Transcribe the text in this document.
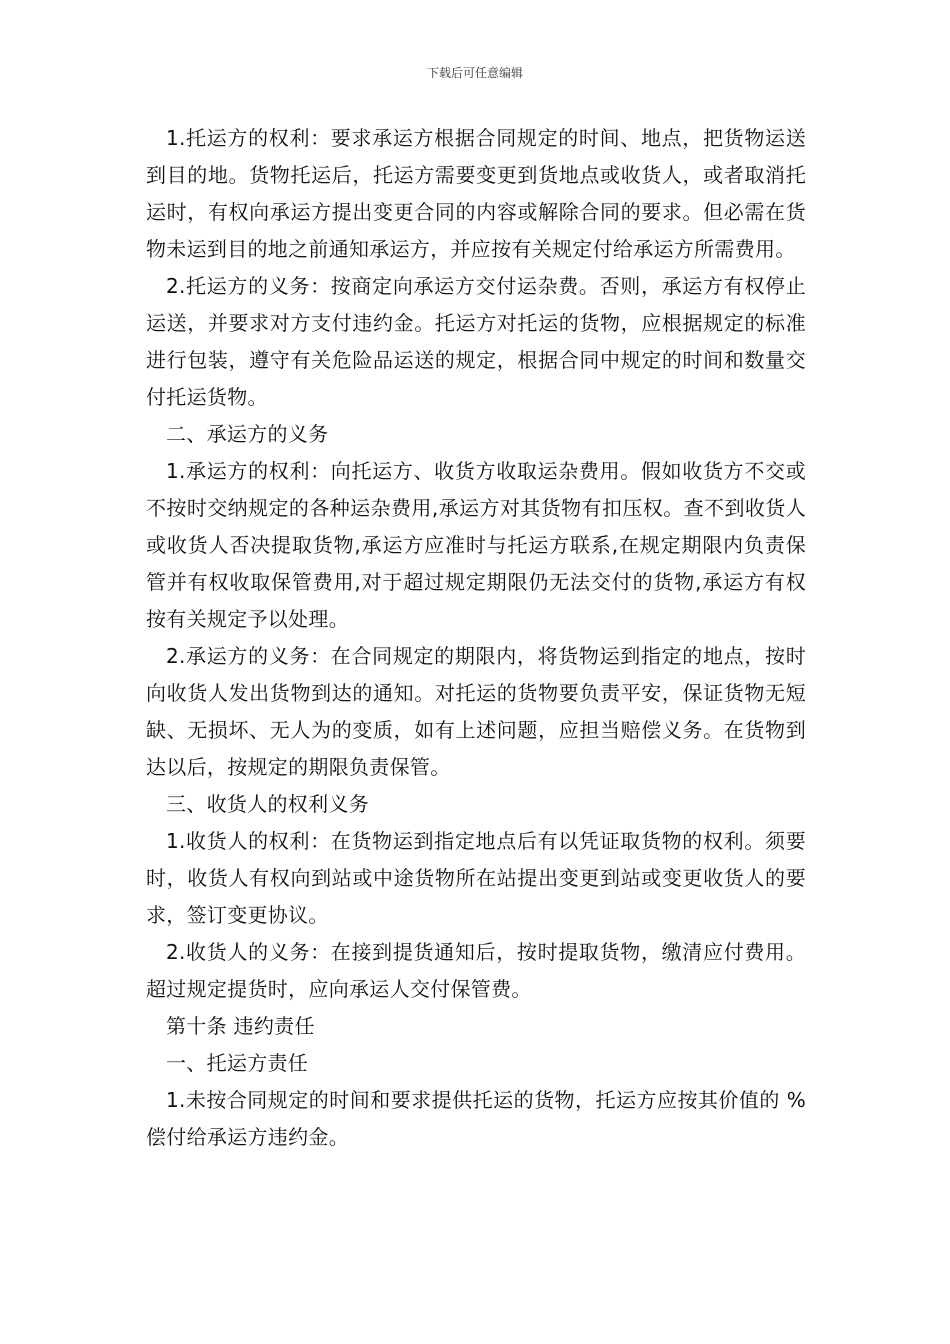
下载后可任意编辑

1.托运方的权利：要求承运方根据合同规定的时间、地点，把货物运送到目的地。货物托运后，托运方需要变更到货地点或收货人，或者取消托运时，有权向承运方提出变更合同的内容或解除合同的要求。但必需在货物未运到目的地之前通知承运方，并应按有关规定付给承运方所需费用。

2.托运方的义务：按商定向承运方交付运杂费。否则，承运方有权停止运送，并要求对方支付违约金。托运方对托运的货物，应根据规定的标准进行包装，遵守有关危险品运送的规定，根据合同中规定的时间和数量交付托运货物。

二、承运方的义务

1.承运方的权利：向托运方、收货方收取运杂费用。假如收货方不交或不按时交纳规定的各种运杂费用,承运方对其货物有扣压权。查不到收货人或收货人否决提取货物,承运方应准时与托运方联系,在规定期限内负责保管并有权收取保管费用,对于超过规定期限仍无法交付的货物,承运方有权按有关规定予以处理。

2.承运方的义务：在合同规定的期限内，将货物运到指定的地点，按时向收货人发出货物到达的通知。对托运的货物要负责平安，保证货物无短缺、无损坏、无人为的变质，如有上述问题，应担当赔偿义务。在货物到达以后，按规定的期限负责保管。

三、收货人的权利义务

1.收货人的权利：在货物运到指定地点后有以凭证取货物的权利。须要时，收货人有权向到站或中途货物所在站提出变更到站或变更收货人的要求，签订变更协议。

2.收货人的义务：在接到提货通知后，按时提取货物，缴清应付费用。超过规定提货时，应向承运人交付保管费。

第十条 违约责任

一、托运方责任

1.未按合同规定的时间和要求提供托运的货物，托运方应按其价值的 %偿付给承运方违约金。
